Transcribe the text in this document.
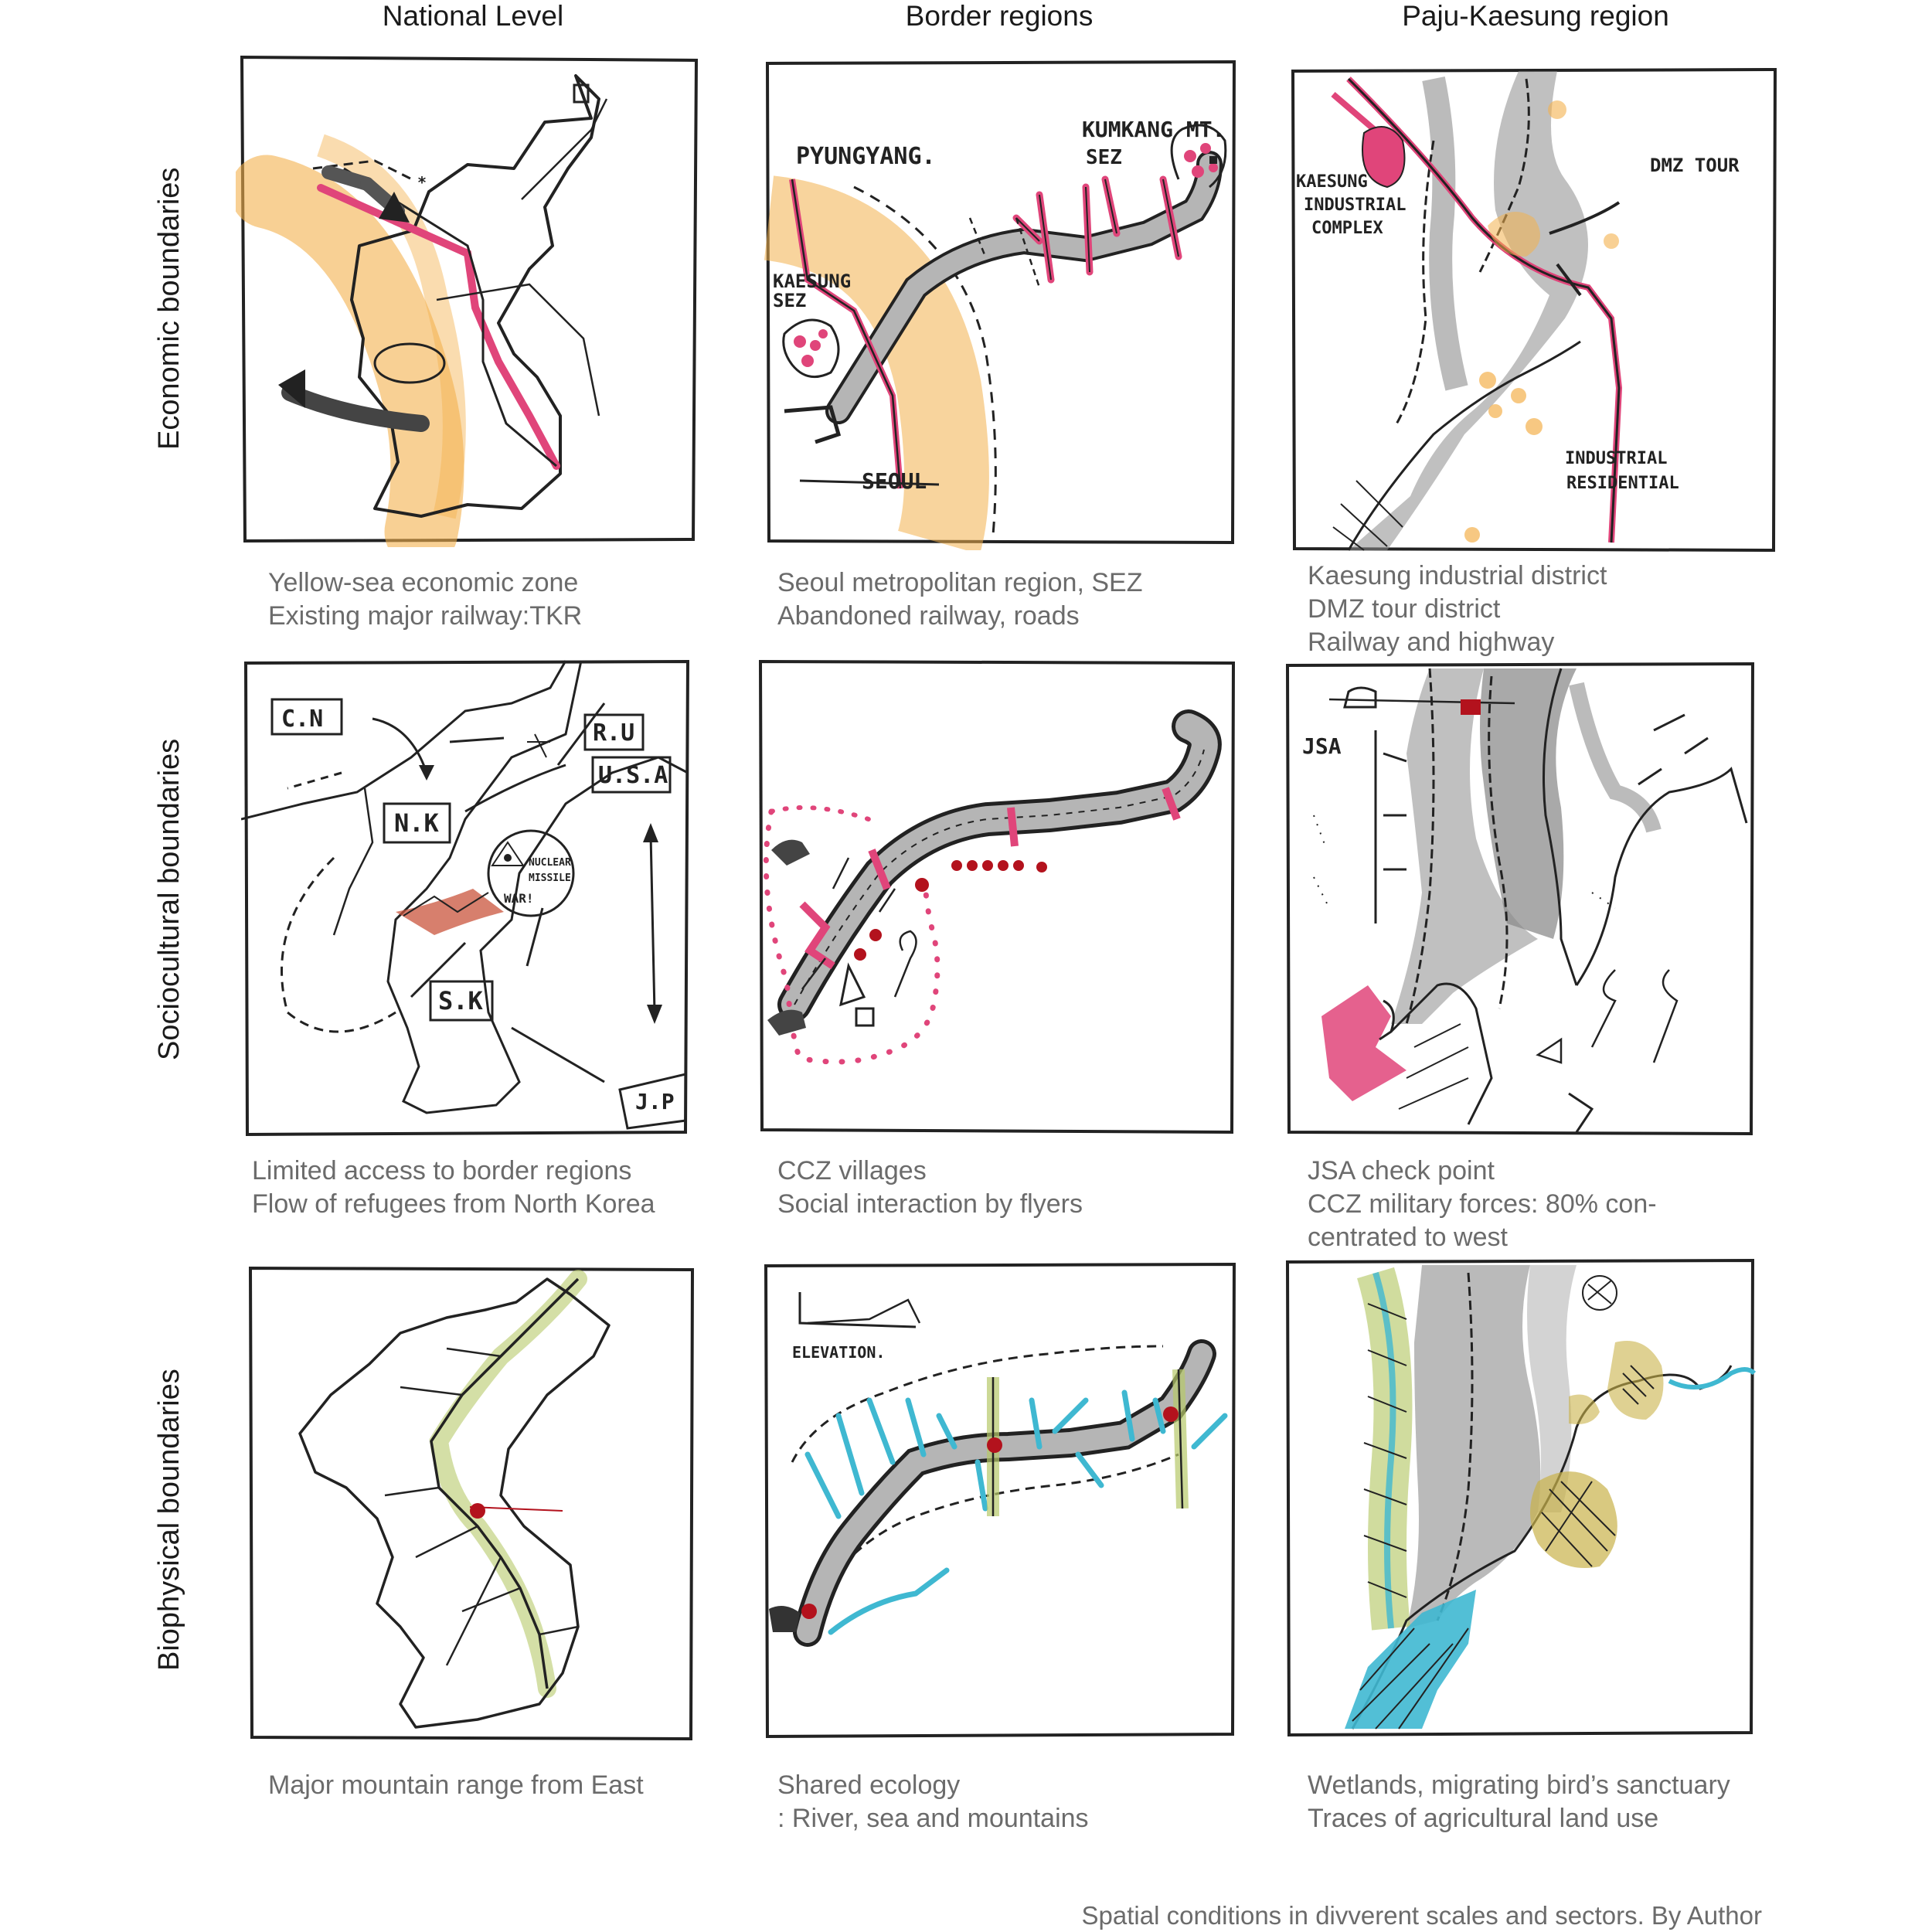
National Level	Border regions	Paju-Kaesung region
Economic boundaries
Sociocultural boundaries
Biophysical boundaries
*
PYUNGYANG.
KUMKANG MT.
SEZ
KAESUNG
SEZ
SEOUL
KAESUNG
INDUSTRIAL
COMPLEX
DMZ TOUR
INDUSTRIAL
RESIDENTIAL
Yellow-sea economic zone
Existing major railway:TKR
Seoul metropolitan region, SEZ
Abandoned railway, roads
Kaesung industrial district
DMZ tour district
Railway and highway
C.N
N.K
R.U
U.S.A
S.K
J.P
NUCLEAR
MISSILE
WAR!
JSA
Limited access to border regions
Flow of refugees from North Korea
CCZ villages
Social interaction by flyers
JSA check point
CCZ military forces: 80% con-
centrated to west
ELEVATION.
Major mountain range from East	Shared ecology
: River, sea and mountains
Wetlands, migrating bird’s sanctuary
Traces of agricultural land use
Spatial conditions in divverent scales and sectors. By Author
